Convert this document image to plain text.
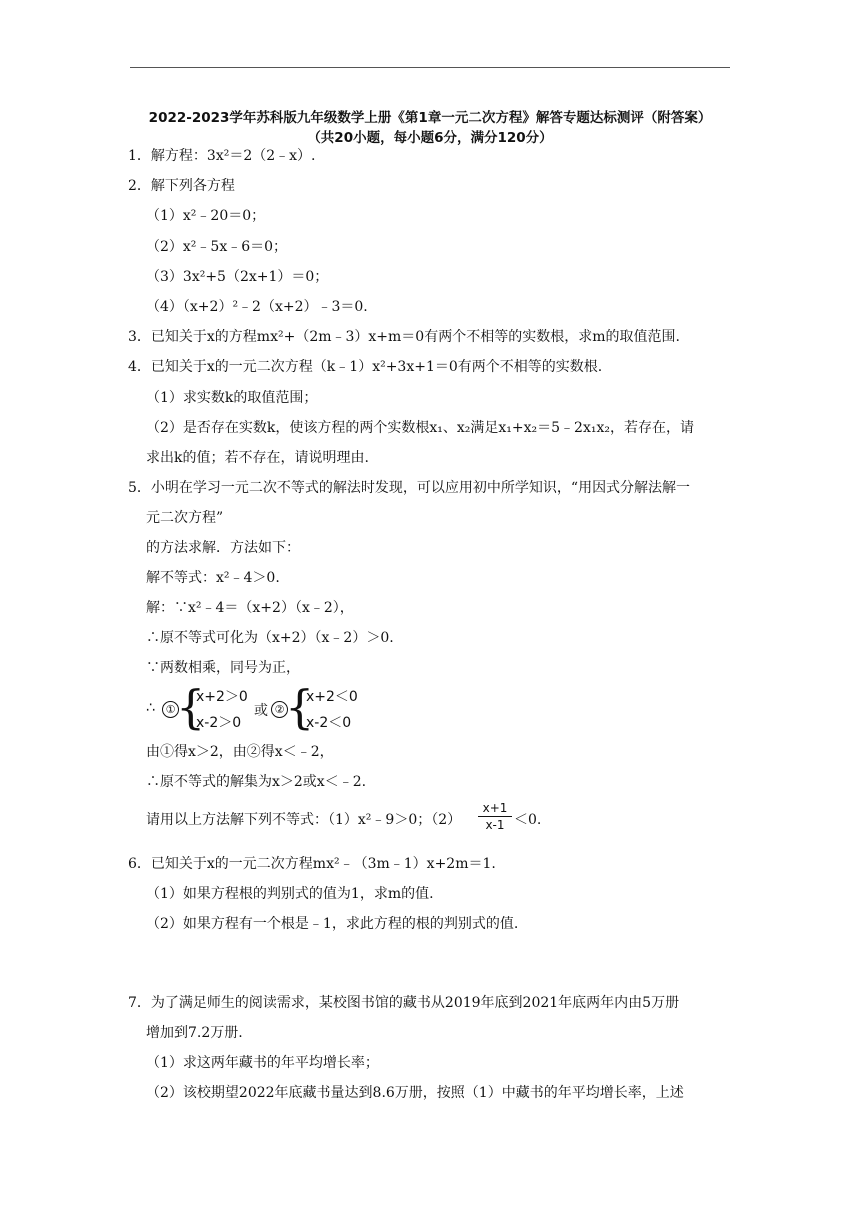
2022-2023学年苏科版九年级数学上册《第1章一元二次方程》解答专题达标测评（附答案）
（共20小题，每小题6分，满分120分）
1．解方程：3x²＝2（2﹣x）.
2．解下列各方程
（1）x²﹣20＝0；
（2）x²﹣5x﹣6＝0；
（3）3x²+5（2x+1）＝0；
（4）（x+2）²﹣2（x+2）﹣3＝0.
3．已知关于x的方程mx²+（2m﹣3）x+m＝0有两个不相等的实数根，求m的取值范围.
4．已知关于x的一元二次方程（k﹣1）x²+3x+1＝0有两个不相等的实数根.
（1）求实数k的取值范围；
（2）是否存在实数k，使该方程的两个实数根x₁、x₂满足x₁+x₂＝5﹣2x₁x₂，若存在，请
求出k的值；若不存在，请说明理由.
5．小明在学习一元二次不等式的解法时发现，可以应用初中所学知识，“用因式分解法解一
元二次方程”
的方法求解．方法如下：
解不等式：x²﹣4＞0.
解：∵x²﹣4＝（x+2）（x﹣2），
∴原不等式可化为（x+2）（x﹣2）＞0.
∵两数相乘，同号为正，
∴ ① {
x+2＞0
x-2＞0
或 ② {
x+2＜0
x-2＜0
由①得x＞2，由②得x＜﹣2，
∴原不等式的解集为x＞2或x＜﹣2.
请用以上方法解下列不等式：（1）x²﹣9＞0；（2）
x+1
x-1 ＜0.
6．已知关于x的一元二次方程mx²﹣（3m﹣1）x+2m＝1.
（1）如果方程根的判别式的值为1，求m的值.
（2）如果方程有一个根是﹣1，求此方程的根的判别式的值.
7．为了满足师生的阅读需求，某校图书馆的藏书从2019年底到2021年底两年内由5万册
增加到7.2万册.
（1）求这两年藏书的年平均增长率；
（2）该校期望2022年底藏书量达到8.6万册，按照（1）中藏书的年平均增长率，上述
